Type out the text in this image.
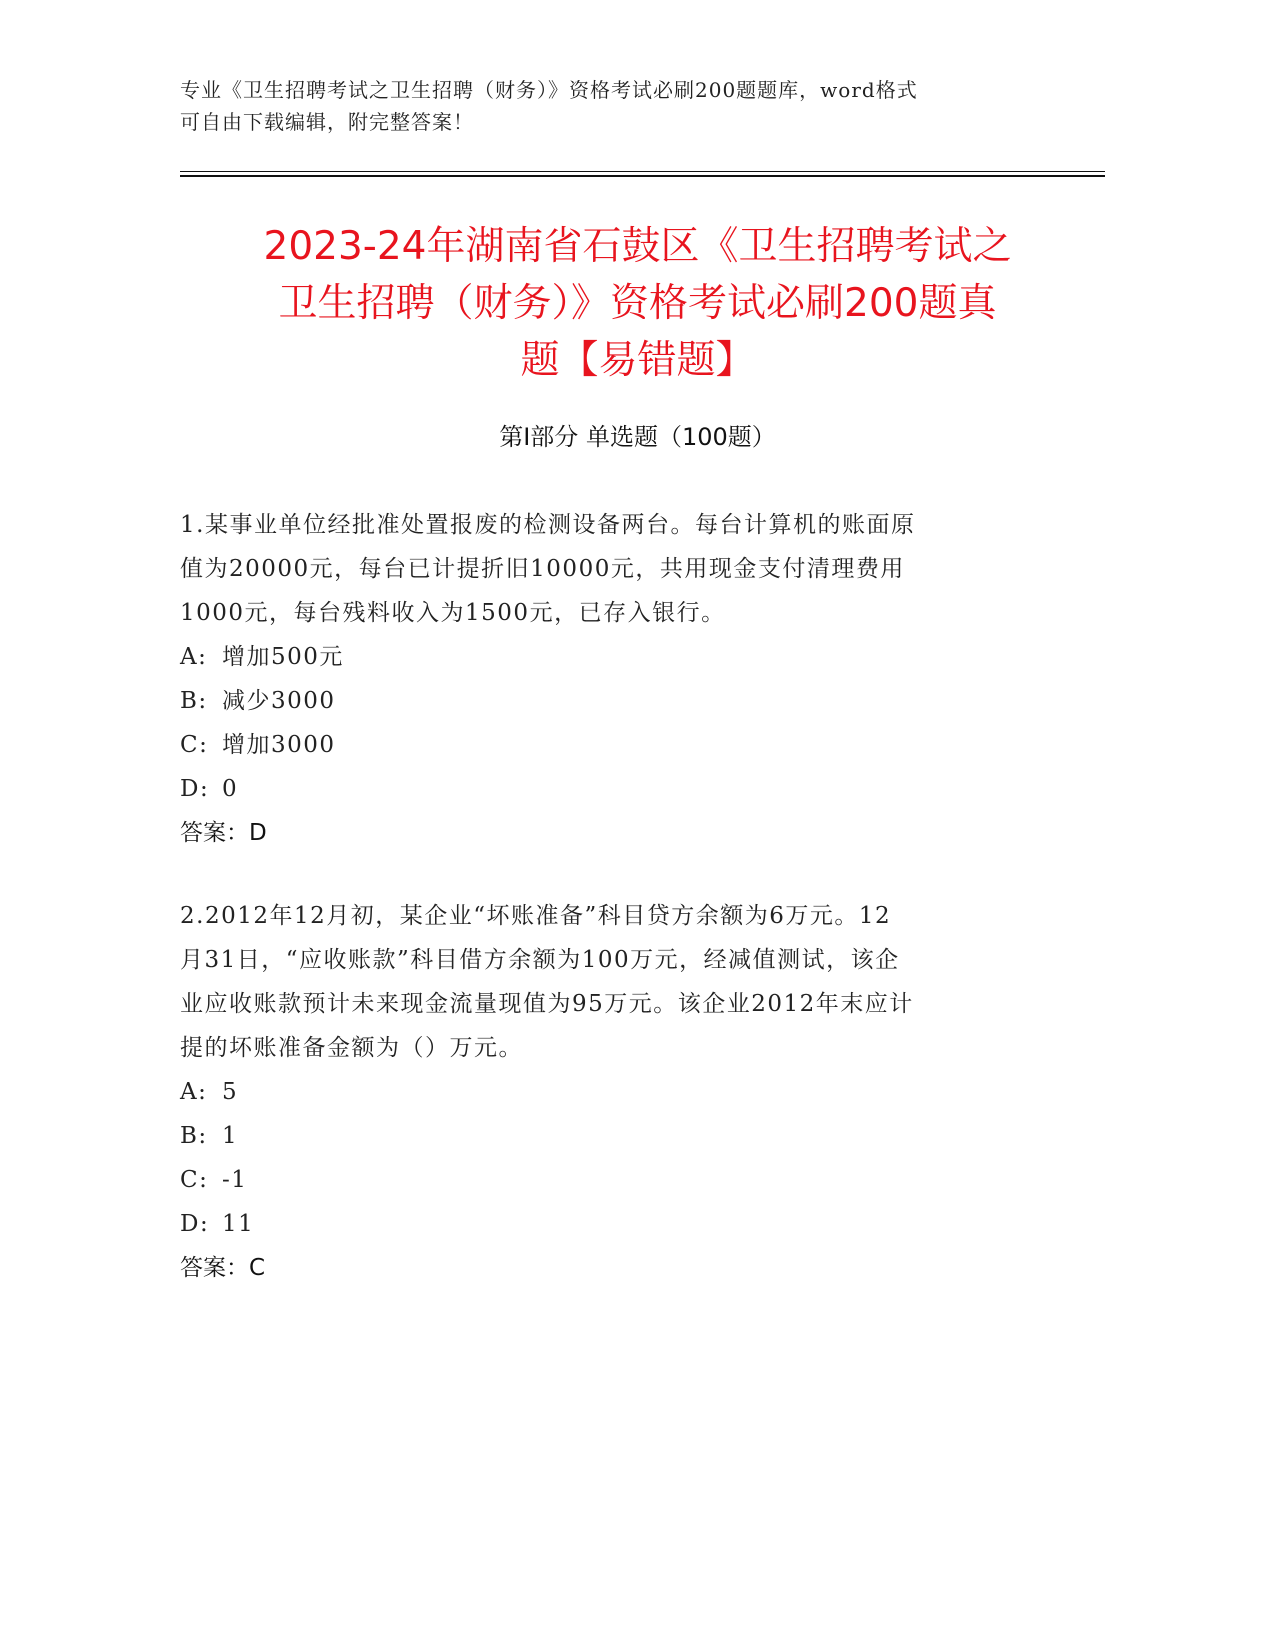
专业《卫生招聘考试之卫生招聘（财务）》资格考试必刷200题题库，word格式
可自由下载编辑，附完整答案！
2023-24年湖南省石鼓区《卫生招聘考试之
卫生招聘（财务）》资格考试必刷200题真
题【易错题】
第I部分 单选题（100题）

1.某事业单位经批准处置报废的检测设备两台。每台计算机的账面原

值为20000元，每台已计提折旧10000元，共用现金支付清理费用

1000元，每台残料收入为1500元，已存入银行。

A: 增加500元

B: 减少3000

C: 增加3000

D: 0

答案：D

2.2012年12月初，某企业“坏账准备”科目贷方余额为6万元。12

月31日，“应收账款”科目借方余额为100万元，经减值测试，该企

业应收账款预计未来现金流量现值为95万元。该企业2012年末应计

提的坏账准备金额为（）万元。

A: 5

B: 1

C: -1

D: 11

答案：C
